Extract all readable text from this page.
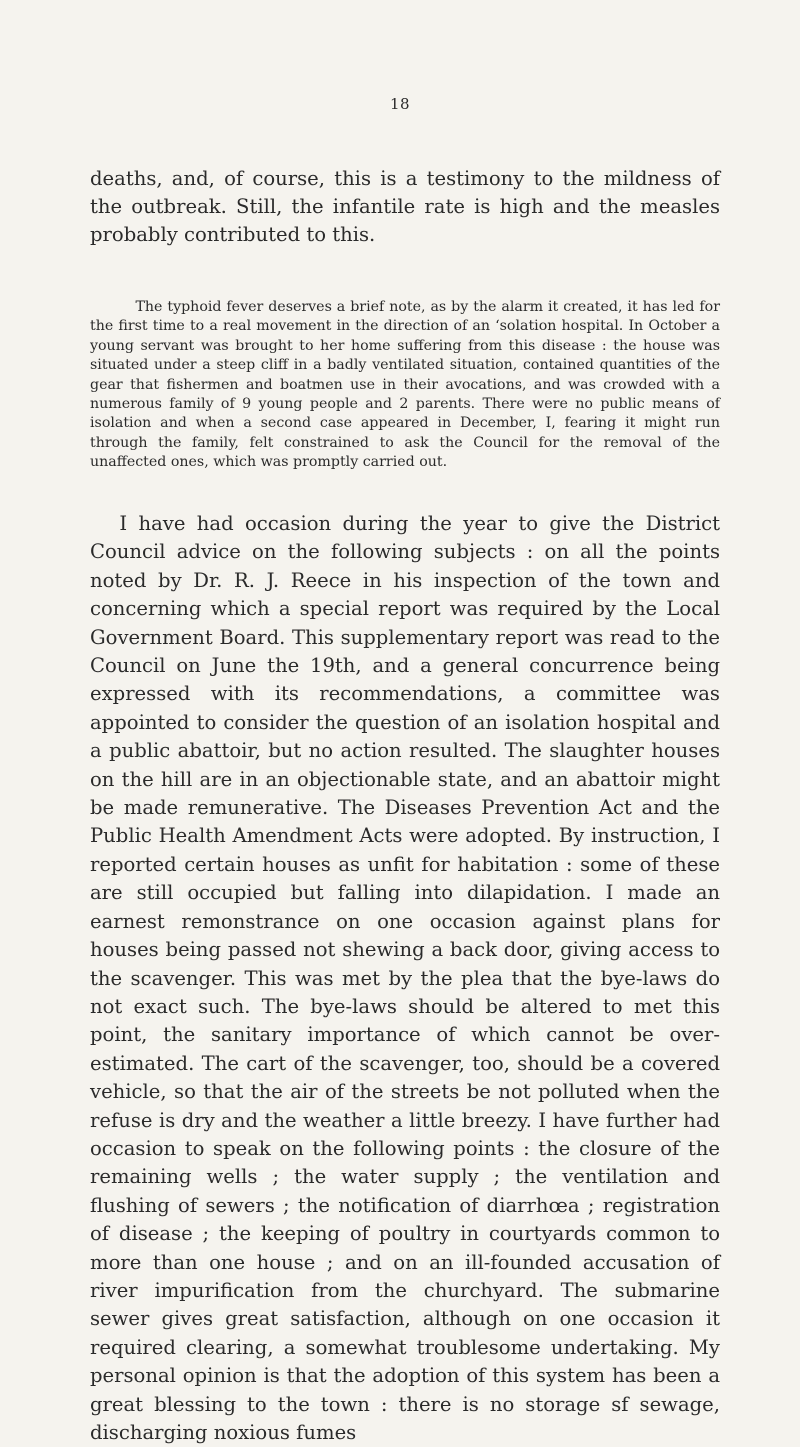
18

deaths, and, of course, this is a testimony to the mildness of the outbreak. Still, the infantile rate is high and the measles probably contributed to this.

The typhoid fever deserves a brief note, as by the alarm it created, it has led for the first time to a real movement in the direction of an ‘solation hospital. In October a young servant was brought to her home suffering from this disease : the house was situated under a steep cliff in a badly ventilated situation, contained quantities of the gear that fishermen and boatmen use in their avocations, and was crowded with a numerous family of 9 young people and 2 parents. There were no public means of isolation and when a second case appeared in December, I, fearing it might run through the family, felt constrained to ask the Council for the removal of the unaffected ones, which was promptly carried out.

I have had occasion during the year to give the District Council advice on the following subjects : on all the points noted by Dr. R. J. Reece in his inspection of the town and concerning which a special report was required by the Local Government Board. This supplementary report was read to the Council on June the 19th, and a general concurrence being expressed with its recommendations, a committee was appointed to consider the question of an isolation hospital and a public abattoir, but no action resulted. The slaughter houses on the hill are in an objectionable state, and an abattoir might be made remunerative. The Diseases Prevention Act and the Public Health Amendment Acts were adopted. By instruction, I reported certain houses as unfit for habitation : some of these are still occupied but falling into dilapidation. I made an earnest remonstrance on one occasion against plans for houses being passed not shewing a back door, giving access to the scavenger. This was met by the plea that the bye-laws do not exact such. The bye-laws should be altered to met this point, the sanitary importance of which cannot be over-estimated. The cart of the scavenger, too, should be a covered vehicle, so that the air of the streets be not polluted when the refuse is dry and the weather a little breezy. I have further had occasion to speak on the following points : the closure of the remaining wells ; the water supply ; the ventilation and flushing of sewers ; the notification of diarrhœa ; registration of disease ; the keeping of poultry in courtyards common to more than one house ; and on an ill-founded accusation of river impurification from the churchyard. The submarine sewer gives great satisfaction, although on one occasion it required clearing, a somewhat troublesome undertaking. My personal opinion is that the adoption of this system has been a great blessing to the town : there is no storage sf sewage, discharging noxious fumes
